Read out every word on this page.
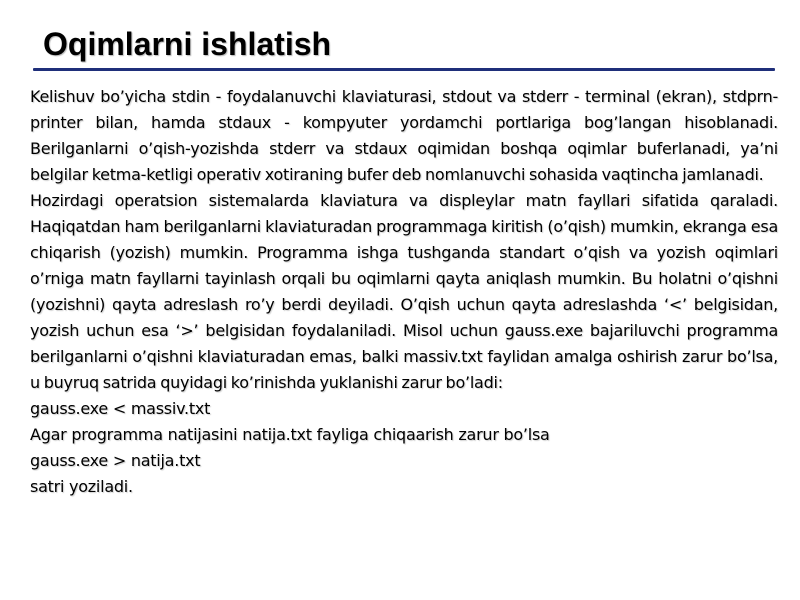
Oqimlarni ishlatish

Kelishuv bo’yicha stdin - foydalanuvchi klaviaturasi, stdout va stderr - terminal (ekran), stdprn- printer bilan, hamda stdaux - kompyuter yordamchi portlariga bog’langan hisoblanadi. Berilganlarni o’qish-yozishda stderr va stdaux oqimidan boshqa oqimlar buferlanadi, ya’ni belgilar ketma-ketligi operativ xotiraning bufer deb nomlanuvchi sohasida vaqtincha jamlanadi.

Hozirdagi operatsion sistemalarda klaviatura va displeylar matn fayllari sifatida qaraladi. Haqiqatdan ham berilganlarni klaviaturadan programmaga kiritish (o’qish) mumkin, ekranga esa chiqarish (yozish) mumkin. Programma ishga tushganda standart o’qish va yozish oqimlari o’rniga matn fayllarni tayinlash orqali bu oqimlarni qayta aniqlash mumkin. Bu holatni o’qishni (yozishni) qayta adreslash ro’y berdi deyiladi. O’qish uchun qayta adreslashda ‘<’ belgisidan, yozish uchun esa ‘>’ belgisidan foydalaniladi. Misol uchun gauss.exe bajariluvchi programma berilganlarni o’qishni klaviaturadan emas, balki massiv.txt faylidan amalga oshirish zarur bo’lsa, u buyruq satrida quyidagi ko’rinishda yuklanishi zarur bo’ladi:

gauss.exe < massiv.txt
Agar programma natijasini natija.txt fayliga chiqaarish zarur bo’lsa
gauss.exe > natija.txt
satri yoziladi.
